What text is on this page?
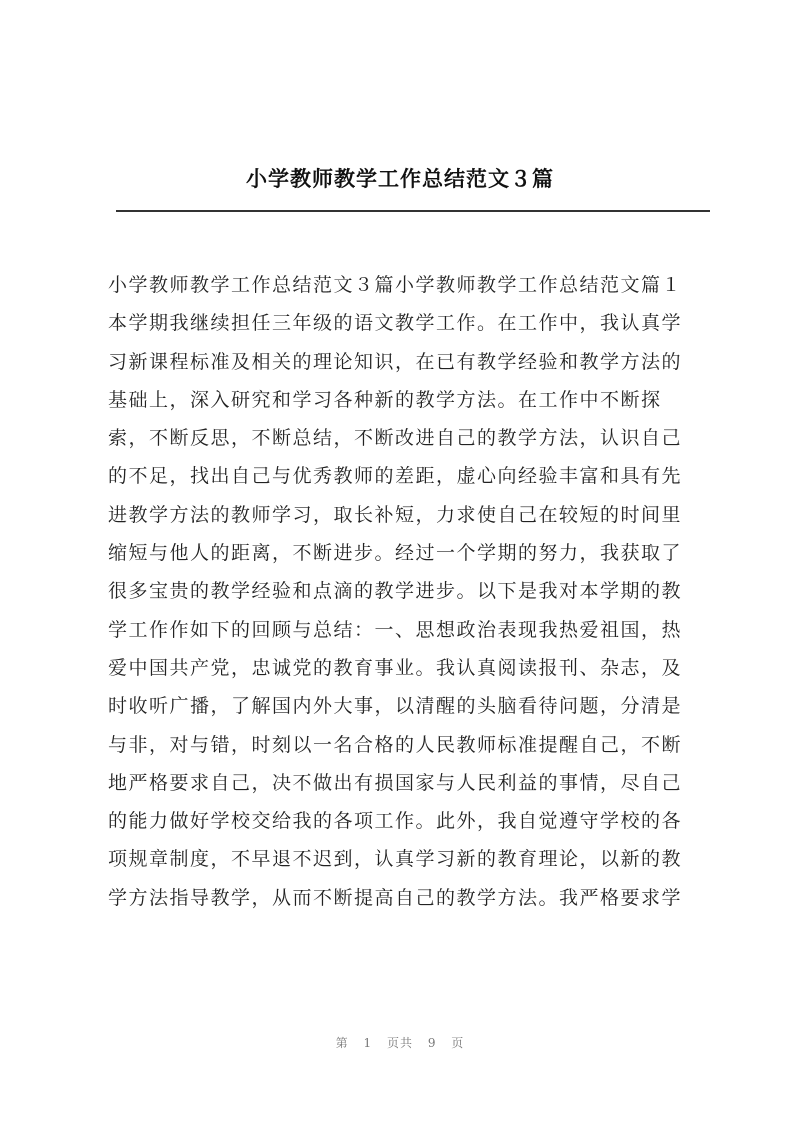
小学教师教学工作总结范文３篇
小学教师教学工作总结范文３篇小学教师教学工作总结范文篇１
本学期我继续担任三年级的语文教学工作。在工作中，我认真学
习新课程标准及相关的理论知识，在已有教学经验和教学方法的
基础上，深入研究和学习各种新的教学方法。在工作中不断探
索，不断反思，不断总结，不断改进自己的教学方法，认识自己
的不足，找出自己与优秀教师的差距，虚心向经验丰富和具有先
进教学方法的教师学习，取长补短，力求使自己在较短的时间里
缩短与他人的距离，不断进步。经过一个学期的努力，我获取了
很多宝贵的教学经验和点滴的教学进步。以下是我对本学期的教
学工作作如下的回顾与总结：一、思想政治表现我热爱祖国，热
爱中国共产党，忠诚党的教育事业。我认真阅读报刊、杂志，及
时收听广播，了解国内外大事，以清醒的头脑看待问题，分清是
与非，对与错，时刻以一名合格的人民教师标准提醒自己，不断
地严格要求自己，决不做出有损国家与人民利益的事情，尽自己
的能力做好学校交给我的各项工作。此外，我自觉遵守学校的各
项规章制度，不早退不迟到，认真学习新的教育理论，以新的教
学方法指导教学，从而不断提高自己的教学方法。我严格要求学
第 1 页共 9 页
